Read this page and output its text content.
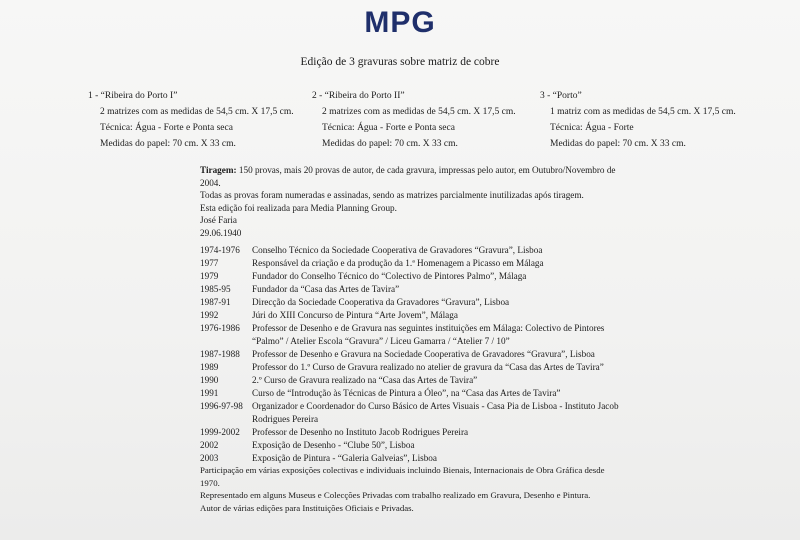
MPG
Edição de 3 gravuras sobre matriz de cobre
1 - “Ribeira do Porto I”
2 matrizes com as medidas de 54,5 cm. X 17,5 cm.
Técnica: Água - Forte e Ponta seca
Medidas do papel: 70 cm. X 33 cm.
2 - “Ribeira do Porto II”
2 matrizes com as medidas de 54,5 cm. X 17,5 cm.
Técnica: Água - Forte e Ponta seca
Medidas do papel: 70 cm. X 33 cm.
3 - “Porto”
1 matriz com as medidas de 54,5 cm. X 17,5 cm.
Técnica: Água - Forte
Medidas do papel: 70 cm. X 33 cm.
Tiragem: 150 provas, mais 20 provas de autor, de cada gravura, impressas pelo autor, em Outubro/Novembro de 2004.
Todas as provas foram numeradas e assinadas, sendo as matrizes parcialmente inutilizadas após tiragem.
Esta edição foi realizada para Media Planning Group.
José Faria
29.06.1940
1974-1976	Conselho Técnico da Sociedade Cooperativa de Gravadores “Gravura”, Lisboa
1977	Responsável da criação e da produção da 1.ª Homenagem a Picasso em Málaga
1979	Fundador do Conselho Técnico do “Colectivo de Pintores Palmo”, Málaga
1985-95	Fundador da “Casa das Artes de Tavira”
1987-91	Direcção da Sociedade Cooperativa da Gravadores “Gravura”, Lisboa
1992	Júri do XIII Concurso de Pintura “Arte Jovem”, Málaga
1976-1986	Professor de Desenho e de Gravura nas seguintes instituições em Málaga: Colectivo de Pintores “Palmo” / Atelier Escola “Gravura” / Liceu Gamarra / “Atelier 7 / 10”
1987-1988	Professor de Desenho e Gravura na Sociedade Cooperativa de Gravadores “Gravura”, Lisboa
1989	Professor do 1.º Curso de Gravura realizado no atelier de gravura da “Casa das Artes de Tavira”
1990	2.º Curso de Gravura realizado na “Casa das Artes de Tavira”
1991	Curso de “Introdução às Técnicas de Pintura a Óleo”, na “Casa das Artes de Tavira”
1996-97-98 Organizador e Coordenador do Curso Básico de Artes Visuais - Casa Pia de Lisboa - Instituto Jacob Rodrigues Pereira
1999-2002	Professor de Desenho no Instituto Jacob Rodrigues Pereira
2002	Exposição de Desenho - “Clube 50”, Lisboa
2003	Exposição de Pintura - “Galeria Galveias”, Lisboa

Participação em várias exposições colectivas e individuais incluindo Bienais, Internacionais de Obra Gráfica desde 1970.

Representado em alguns Museus e Colecções Privadas com trabalho realizado em Gravura, Desenho e Pintura.

Autor de várias edições para Instituições Oficiais e Privadas.
